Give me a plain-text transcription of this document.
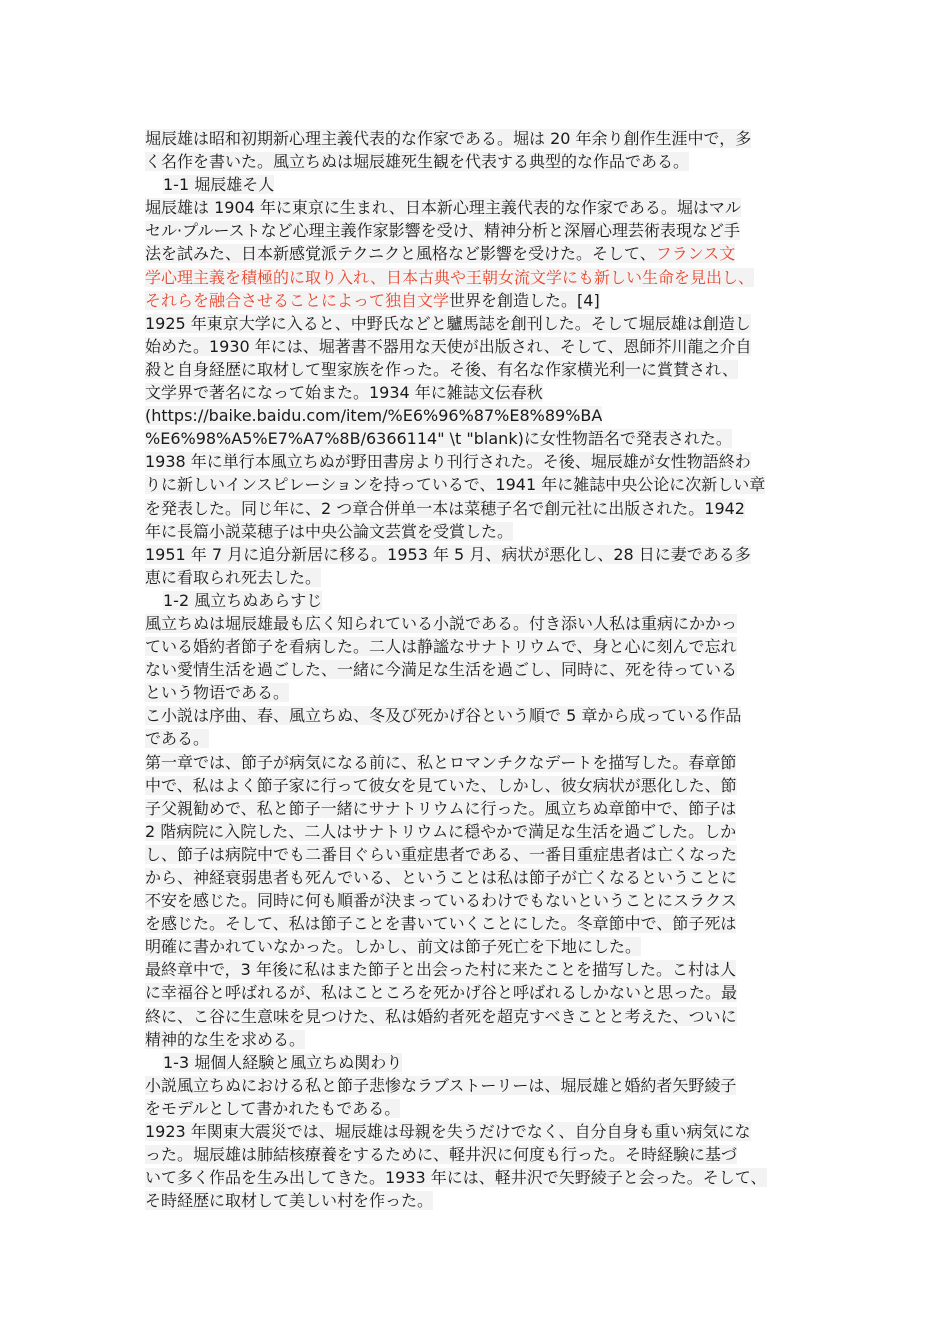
堀辰雄は昭和初期新心理主義代表的な作家である。堀は 20 年余り創作生涯中で，多
く名作を書いた。風立ちぬは堀辰雄死生観を代表する典型的な作品である。
1-1 堀辰雄そ人
堀辰雄は 1904 年に東京に生まれ、日本新心理主義代表的な作家である。堀はマル
セル·プルーストなど心理主義作家影響を受け、精神分析と深層心理芸術表現など手
法を試みた、日本新感覚派テクニクと風格など影響を受けた。そして、フランス文
学心理主義を積極的に取り入れ、日本古典や王朝女流文学にも新しい生命を見出し、
それらを融合させることによって独自文学世界を創造した。[4]
1925 年東京大学に入ると、中野氏などと驢馬誌を創刊した。そして堀辰雄は創造し
始めた。1930 年には、堀著書不器用な天使が出版され、そして、恩師芥川龍之介自
殺と自身経歴に取材して聖家族を作った。そ後、有名な作家横光利一に賞賛され、
文学界で著名になって始また。1934 年に雑誌文伝春秋
(https://baike.baidu.com/item/%E6%96%87%E8%89%BA
%E6%98%A5%E7%A7%8B/6366114" \t "blank)に女性物語名で発表された。
1938 年に単行本風立ちぬが野田書房より刊行された。そ後、堀辰雄が女性物語終わ
りに新しいインスピレーションを持っているで、1941 年に雑誌中央公论に次新しい章
を発表した。同じ年に、2 つ章合併单一本は菜穂子名で創元社に出版された。1942
年に長篇小説菜穂子は中央公論文芸賞を受賞した。
1951 年 7 月に追分新居に移る。1953 年 5 月、病状が悪化し、28 日に妻である多
恵に看取られ死去した。
1-2 風立ちぬあらすじ
風立ちぬは堀辰雄最も広く知られている小説である。付き添い人私は重病にかかっ
ている婚約者節子を看病した。二人は静謐なサナトリウムで、身と心に刻んで忘れ
ない愛情生活を過ごした、一緒に今満足な生活を過ごし、同時に、死を待っている
という物语である。
こ小説は序曲、春、風立ちぬ、冬及び死かげ谷という順で 5 章から成っている作品
である。
第一章では、節子が病気になる前に、私とロマンチクなデートを描写した。春章節
中で、私はよく節子家に行って彼女を見ていた、しかし、彼女病状が悪化した、節
子父親勧めで、私と節子一緒にサナトリウムに行った。風立ちぬ章節中で、節子は
2 階病院に入院した、二人はサナトリウムに穏やかで満足な生活を過ごした。しか
し、節子は病院中でも二番目ぐらい重症患者である、一番目重症患者は亡くなった
から、神経衰弱患者も死んでいる、ということは私は節子が亡くなるということに
不安を感じた。同時に何も順番が決まっているわけでもないということにスラクス
を感じた。そして、私は節子ことを書いていくことにした。冬章節中で、節子死は
明確に書かれていなかった。しかし、前文は節子死亡を下地にした。
最終章中で，3 年後に私はまた節子と出会った村に来たことを描写した。こ村は人
に幸福谷と呼ばれるが、私はこところを死かげ谷と呼ばれるしかないと思った。最
終に、こ谷に生意味を見つけた、私は婚約者死を超克すべきことと考えた、ついに
精神的な生を求める。
1-3 堀個人経験と風立ちぬ関わり
小説風立ちぬにおける私と節子悲惨なラブストーリーは、堀辰雄と婚約者矢野綾子
をモデルとして書かれたもである。
1923 年関東大震災では、堀辰雄は母親を失うだけでなく、自分自身も重い病気にな
った。堀辰雄は肺結核療養をするために、軽井沢に何度も行った。そ時経験に基づ
いて多く作品を生み出してきた。1933 年には、軽井沢で矢野綾子と会った。そして、
そ時経歴に取材して美しい村を作った。
